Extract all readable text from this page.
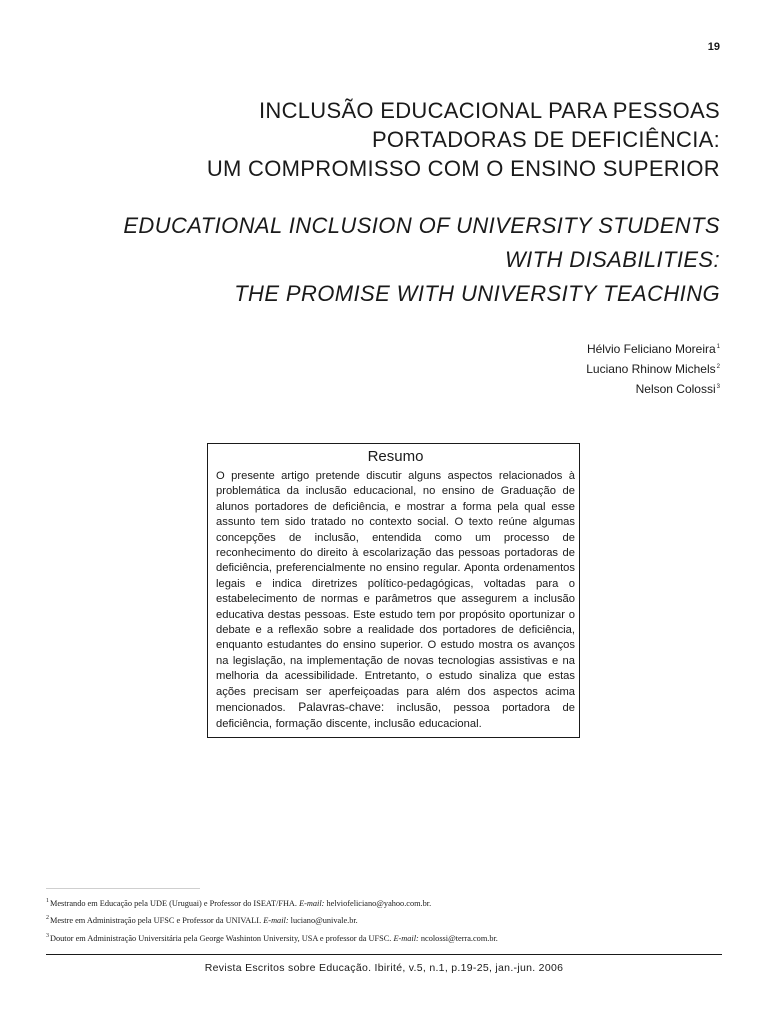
19
INCLUSÃO EDUCACIONAL PARA PESSOAS
PORTADORAS DE DEFICIÊNCIA:
UM COMPROMISSO COM O ENSINO SUPERIOR
EDUCATIONAL INCLUSION OF UNIVERSITY STUDENTS
WITH DISABILITIES:
THE PROMISE WITH UNIVERSITY TEACHING
Hélvio Feliciano Moreira$^1$
Luciano Rhinow Michels$^2$
Nelson Colossi$^3$
Resumo

O presente artigo pretende discutir alguns aspectos relacionados à problemática da inclusão educacional, no ensino de Graduação de alunos portadores de deficiência, e mostrar a forma pela qual esse assunto tem sido tratado no contexto social. O texto reúne algumas concepções de inclusão, entendida como um processo de reconhecimento do direito à escolarização das pessoas portadoras de deficiência, preferencialmente no ensino regular. Aponta ordenamentos legais e indica diretrizes político-pedagógicas, voltadas para o estabelecimento de normas e parâmetros que assegurem a inclusão educativa destas pessoas. Este estudo tem por propósito oportunizar o debate e a reflexão sobre a realidade dos portadores de deficiência, enquanto estudantes do ensino superior. O estudo mostra os avanços na legislação, na implementação de novas tecnologias assistivas e na melhoria da acessibilidade. Entretanto, o estudo sinaliza que estas ações precisam ser aperfeiçoadas para além dos aspectos acima mencionados. Palavras-chave: inclusão, pessoa portadora de deficiência, formação discente, inclusão educacional.

$^1$Mestrando em Educação pela UDE (Uruguai) e Professor do ISEAT/FHA. E-mail: helviofeliciano@yahoo.com.br.
$^2$Mestre em Administração pela UFSC e Professor da UNIVALI. E-mail: luciano@univale.br.
$^3$Doutor em Administração Universitária pela George Washinton University, USA e professor da UFSC. E-mail: ncolossi@terra.com.br.
Revista Escritos sobre Educação. Ibirité, v.5, n.1, p.19-25, jan.-jun. 2006
